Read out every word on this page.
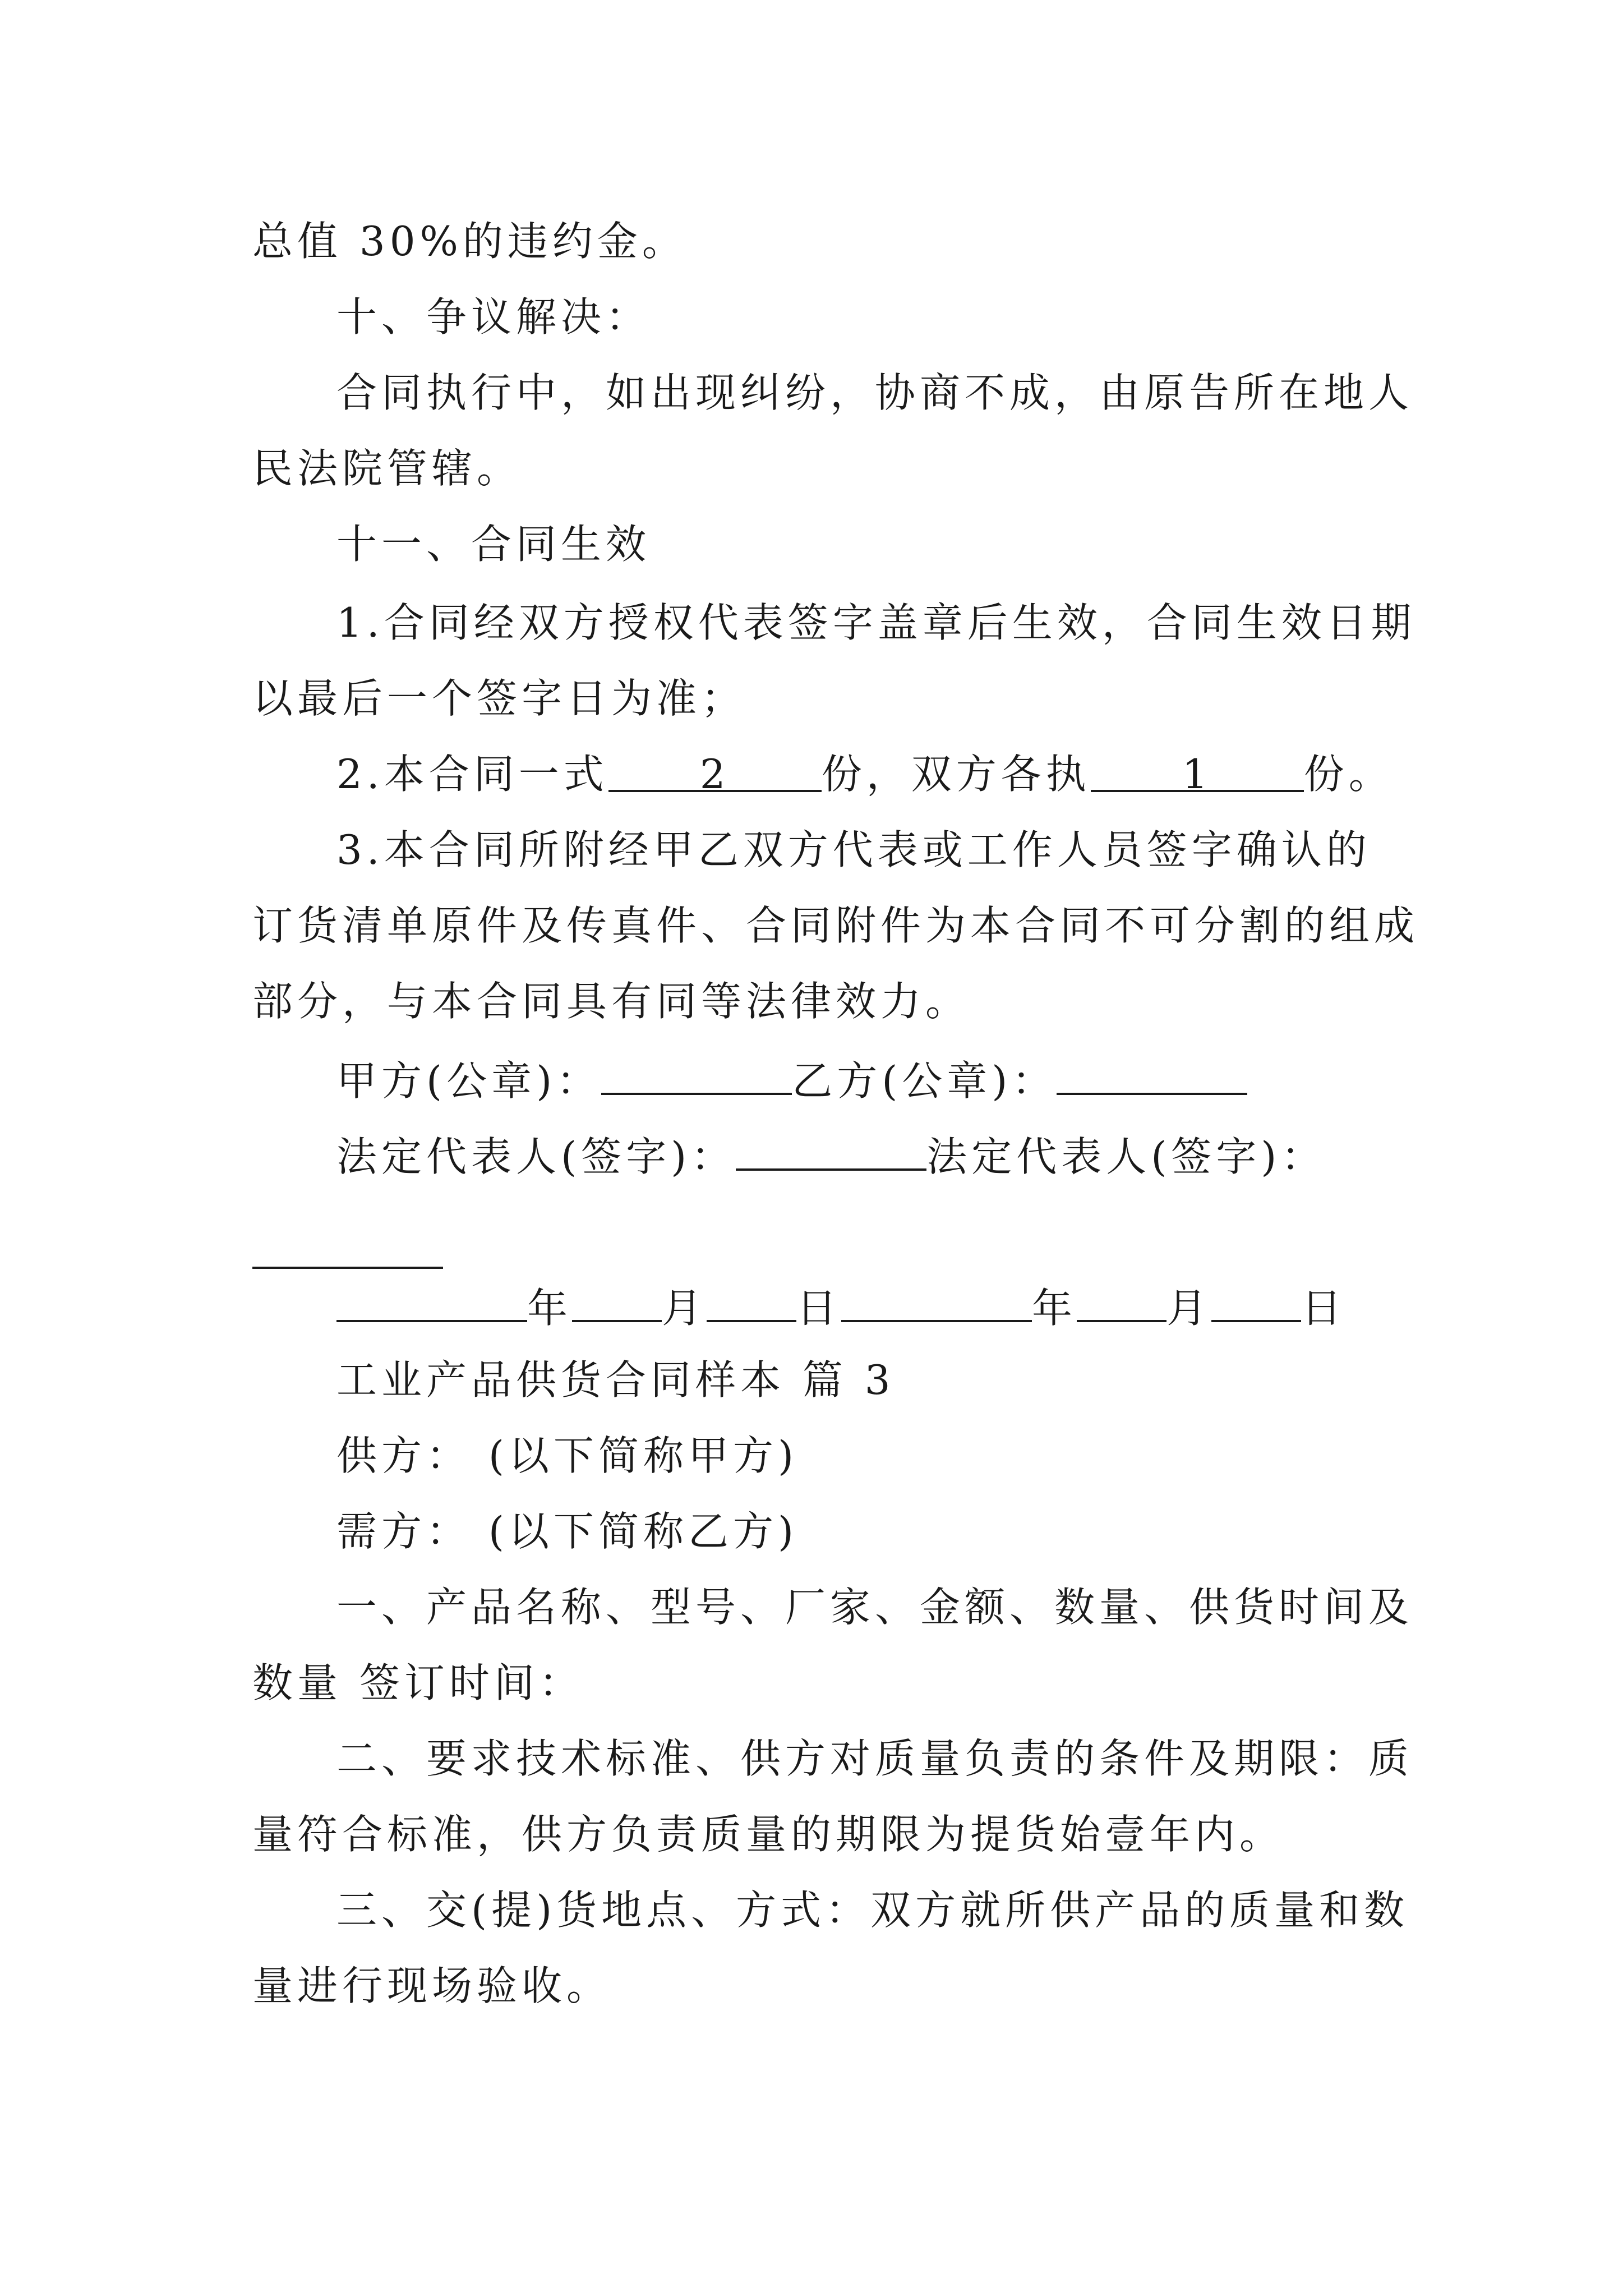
总值 30%的违约金。
十、争议解决：
合同执行中，如出现纠纷，协商不成，由原告所在地人
民法院管辖。
十一、合同生效
1.合同经双方授权代表签字盖章后生效，合同生效日期
以最后一个签字日为准；
2.本合同一式 2 份，双方各执 1 份。
3.本合同所附经甲乙双方代表或工作人员签字确认的
订货清单原件及传真件、合同附件为本合同不可分割的组成
部分，与本合同具有同等法律效力。
甲方(公章)：	乙方(公章)：
法定代表人(签字)：	法定代表人(签字)：
年 月 日	年 月 日
工业产品供货合同样本 篇 3
供方： (以下简称甲方)
需方： (以下简称乙方)
一、产品名称、型号、厂家、金额、数量、供货时间及
数量 签订时间：
二、要求技术标准、供方对质量负责的条件及期限：质
量符合标准，供方负责质量的期限为提货始壹年内。
三、交(提)货地点、方式：双方就所供产品的质量和数
量进行现场验收。
